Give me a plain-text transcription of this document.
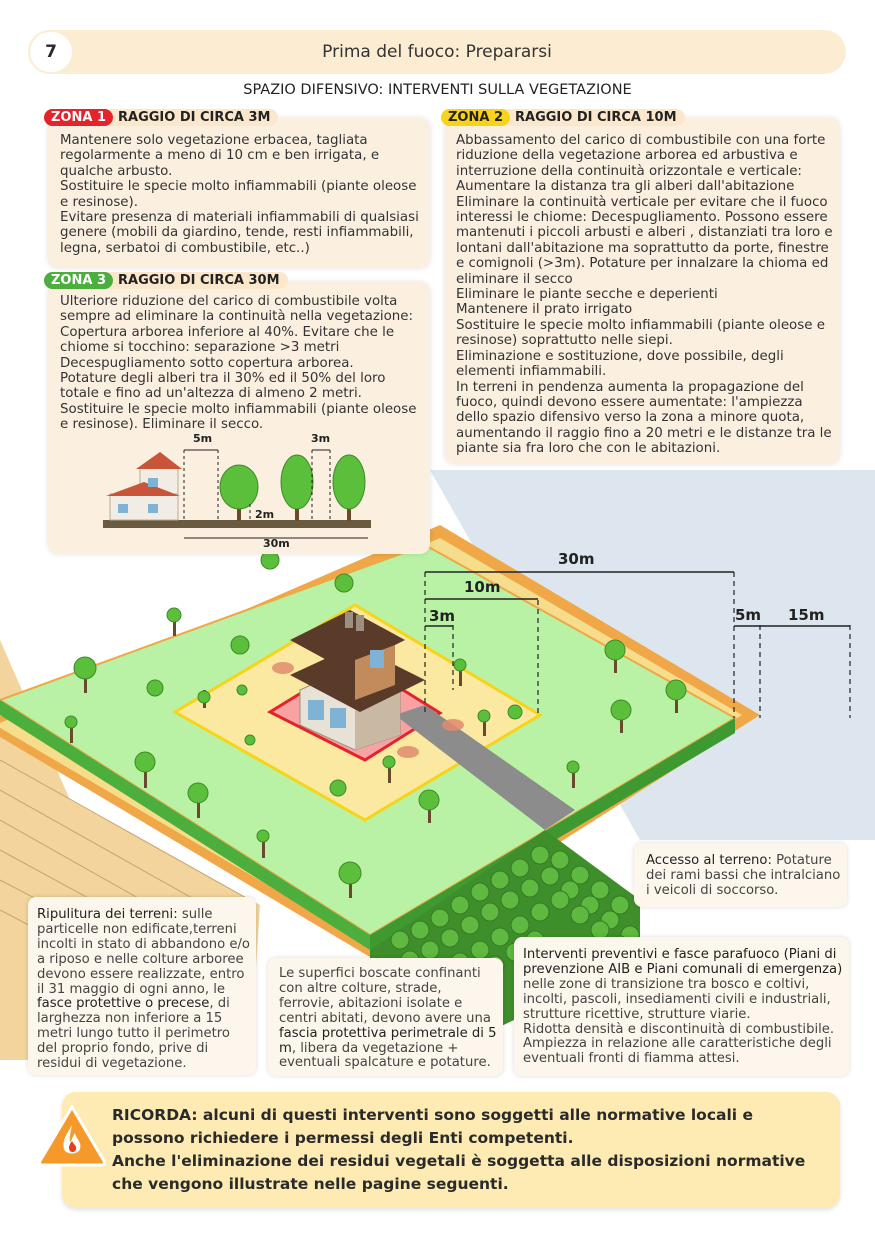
Prima del fuoco: Prepararsi
7
SPAZIO DIFENSIVO: INTERVENTI SULLA VEGETAZIONE
30m
10m
3m	5m 15m

Mantenere solo vegetazione erbacea, tagliata regolarmente a meno di 10 cm e ben irrigata, e qualche arbusto.

Sostituire le specie molto infiammabili (piante oleose e resinose).

Evitare presenza di materiali infiammabili di qualsiasi genere (mobili da giardino, tende, resti infiammabili, legna, serbatoi di combustibile, etc..)

ZONA 1 RAGGIO DI CIRCA 3M

Abbassamento del carico di combustibile con una forte riduzione della vegetazione arborea ed arbustiva e interruzione della continuità orizzontale e verticale:

Aumentare la distanza tra gli alberi dall'abitazione

Eliminare la continuità verticale per evitare che il fuoco interessi le chiome: Decespugliamento. Possono essere mantenuti i piccoli arbusti e alberi , distanziati tra loro e lontani dall'abitazione ma soprattutto da porte, finestre e comignoli (>3m). Potature per innalzare la chioma ed eliminare il secco

Eliminare le piante secche e deperienti

Mantenere il prato irrigato

Sostituire le specie molto infiammabili (piante oleose e resinose) soprattutto nelle siepi.

Eliminazione e sostituzione, dove possibile, degli elementi infiammabili.

In terreni in pendenza aumenta la propagazione del fuoco, quindi devono essere aumentate: l'ampiezza dello spazio difensivo verso la zona a minore quota, aumentando il raggio fino a 20 metri e le distanze tra le piante sia fra loro che con le abitazioni.

ZONA 2 RAGGIO DI CIRCA 10M

Ulteriore riduzione del carico di combustibile volta sempre ad eliminare la continuità nella vegetazione: Copertura arborea inferiore al 40%. Evitare che le chiome si tocchino: separazione >3 metri

Decespugliamento sotto copertura arborea.

Potature degli alberi tra il 30% ed il 50% del loro totale e fino ad un'altezza di almeno 2 metri. Sostituire le specie molto infiammabili (piante oleose e resinose). Eliminare il secco.

5m	3m
2m
30m
ZONA 3 RAGGIO DI CIRCA 30M

Accesso al terreno: Potature dei rami bassi che intralciano i veicoli di soccorso.

Ripulitura dei terreni: sulle particelle non edificate,terreni incolti in stato di abbandono e/o a riposo e nelle colture arboree devono essere realizzate, entro il 31 maggio di ogni anno, le fasce protettive o precese, di larghezza non inferiore a 15 metri lungo tutto il perimetro del proprio fondo, prive di residui di vegetazione.

Le superfici boscate confinanti con altre colture, strade, ferrovie, abitazioni isolate e centri abitati, devono avere una fascia protettiva perimetrale di 5 m, libera da vegetazione + eventuali spalcature e potature.

Interventi preventivi e fasce parafuoco (Piani di prevenzione AIB e Piani comunali di emergenza) nelle zone di transizione tra bosco e coltivi, incolti, pascoli, insediamenti civili e industriali, strutture ricettive, strutture viarie.

Ridotta densità e discontinuità di combustibile.

Ampiezza in relazione alle caratteristiche degli eventuali fronti di fiamma attesi.

RICORDA: alcuni di questi interventi sono soggetti alle normative locali e possono richiedere i permessi degli Enti competenti.
Anche l'eliminazione dei residui vegetali è soggetta alle disposizioni normative che vengono illustrate nelle pagine seguenti.
